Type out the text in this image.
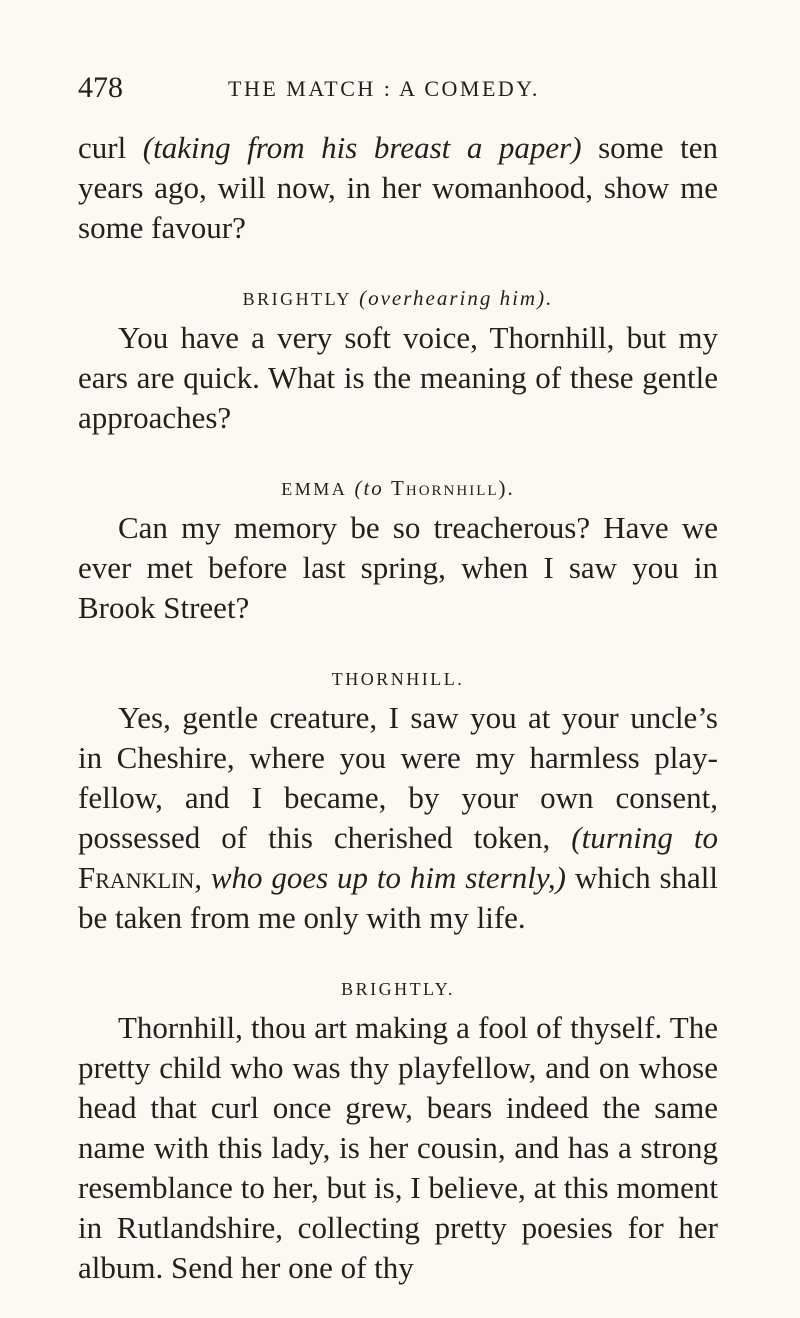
478	THE MATCH : A COMEDY.

curl (taking from his breast a paper) some ten years ago, will now, in her womanhood, show me some favour?

BRIGHTLY (overhearing him).

You have a very soft voice, Thornhill, but my ears are quick. What is the meaning of these gentle approaches?

EMMA (to Thornhill).

Can my memory be so treacherous? Have we ever met before last spring, when I saw you in Brook Street?

THORNHILL.

Yes, gentle creature, I saw you at your uncle’s in Cheshire, where you were my harmless playfellow, and I became, by your own consent, possessed of this cherished token, (turning to Franklin, who goes up to him sternly,) which shall be taken from me only with my life.

BRIGHTLY.

Thornhill, thou art making a fool of thyself. The pretty child who was thy playfellow, and on whose head that curl once grew, bears indeed the same name with this lady, is her cousin, and has a strong resemblance to her, but is, I believe, at this moment in Rutlandshire, collecting pretty poesies for her album. Send her one of thy
